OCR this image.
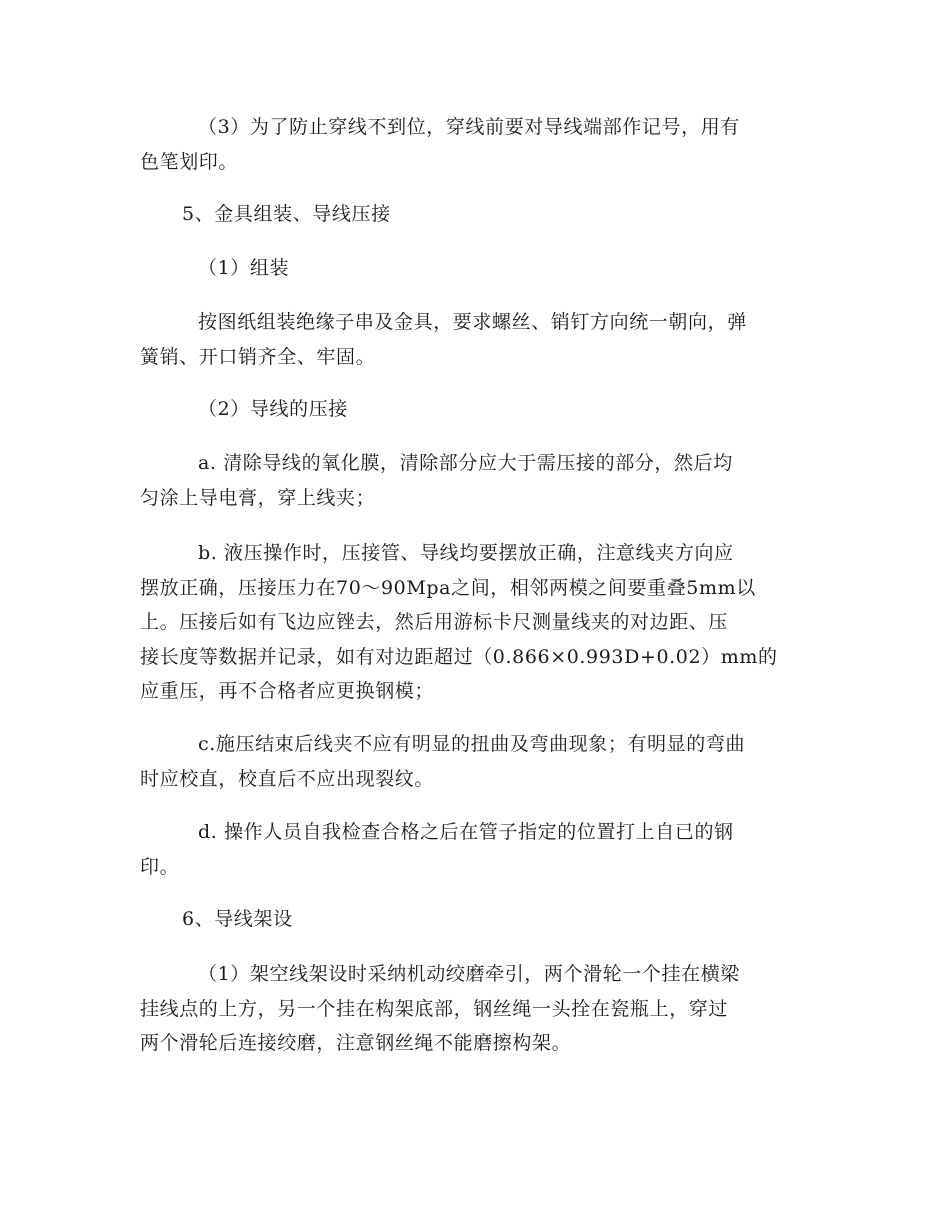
（3）为了防止穿线不到位，穿线前要对导线端部作记号，用有
色笔划印。
5、金具组装、导线压接
（1）组装
按图纸组装绝缘子串及金具，要求螺丝、销钉方向统一朝向，弹
簧销、开口销齐全、牢固。
（2）导线的压接
a. 清除导线的氧化膜，清除部分应大于需压接的部分，然后均
匀涂上导电膏，穿上线夹；
b. 液压操作时，压接管、导线均要摆放正确，注意线夹方向应
摆放正确，压接压力在70～90Mpa之间，相邻两模之间要重叠5mm以
上。压接后如有飞边应锉去，然后用游标卡尺测量线夹的对边距、压
接长度等数据并记录，如有对边距超过（0.866×0.993D+0.02）mm的
应重压，再不合格者应更换钢模；
c.施压结束后线夹不应有明显的扭曲及弯曲现象；有明显的弯曲
时应校直，校直后不应出现裂纹。
d. 操作人员自我检查合格之后在管子指定的位置打上自已的钢
印。
6、导线架设
（1）架空线架设时采纳机动绞磨牵引，两个滑轮一个挂在横梁
挂线点的上方，另一个挂在构架底部，钢丝绳一头拴在瓷瓶上，穿过
两个滑轮后连接绞磨，注意钢丝绳不能磨擦构架。
